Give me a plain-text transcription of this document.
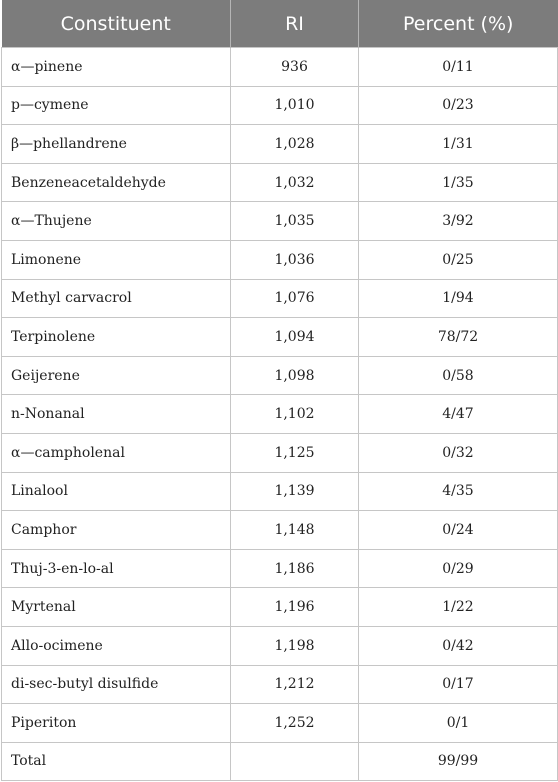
Constituent	RI	Percent (%)
α—pinene	936	0/11
p—cymene	1,010	0/23
β—phellandrene	1,028	1/31
Benzeneacetaldehyde	1,032	1/35
α—Thujene	1,035	3/92
Limonene	1,036	0/25
Methyl carvacrol	1,076	1/94
Terpinolene	1,094	78/72
Geijerene	1,098	0/58
n-Nonanal	1,102	4/47
α—campholenal	1,125	0/32
Linalool	1,139	4/35
Camphor	1,148	0/24
Thuj-3-en-lo-al	1,186	0/29
Myrtenal	1,196	1/22
Allo-ocimene	1,198	0/42
di-sec-butyl disulfide	1,212	0/17
Piperiton	1,252	0/1
Total		99/99
